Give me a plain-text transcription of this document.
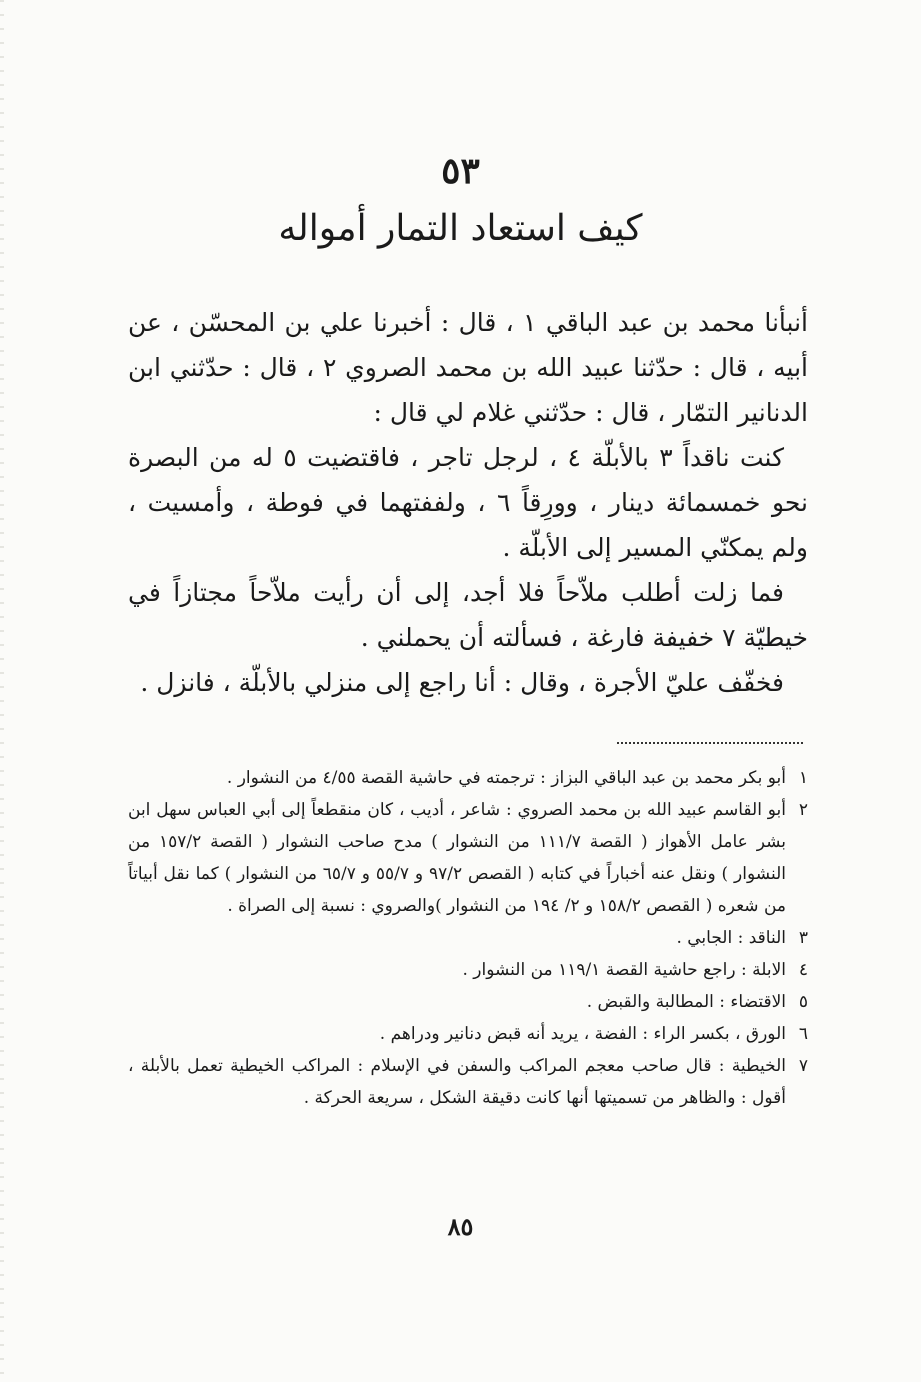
٥٣
كيف استعاد التمار أمواله

أنبأنا محمد بن عبد الباقي ١ ، قال : أخبرنا علي بن المحسّن ، عن أبيه ، قال : حدّثنا عبيد الله بن محمد الصروي ٢ ، قال : حدّثني ابن الدنانير التمّار ، قال : حدّثني غلام لي قال :

كنت ناقداً ٣ بالأبلّة ٤ ، لرجل تاجر ، فاقتضيت ٥ له من البصرة نحو خمسمائة دينار ، وورِقاً ٦ ، ولففتهما في فوطة ، وأمسيت ، ولم يمكنّي المسير إلى الأبلّة .

فما زلت أطلب ملاّحاً فلا أجد، إلى أن رأيت ملاّحاً مجتازاً في خيطيّة ٧ خفيفة فارغة ، فسألته أن يحملني .

فخفّف عليّ الأجرة ، وقال : أنا راجع إلى منزلي بالأبلّة ، فانزل .

١
أبو بكر محمد بن عبد الباقي البزاز : ترجمته في حاشية القصة ٤/٥٥ من النشوار .
٢
أبو القاسم عبيد الله بن محمد الصروي : شاعر ، أديب ، كان منقطعاً إلى أبي العباس سهل ابن بشر عامل الأهواز ( القصة ١١١/٧ من النشوار ) مدح صاحب النشوار ( القصة ١٥٧/٢ من النشوار ) ونقل عنه أخباراً في كتابه ( القصص ٩٧/٢ و ٥٥/٧ و ٦٥/٧ من النشوار ) كما نقل أبياتاً من شعره ( القصص ١٥٨/٢ و ٢/ ١٩٤ من النشوار )والصروي : نسبة إلى الصراة .
٣
الناقد : الجابي .
٤
الابلة : راجع حاشية القصة ١١٩/١ من النشوار .
٥
الاقتضاء : المطالبة والقبض .
٦
الورق ، بكسر الراء : الفضة ، يريد أنه قبض دنانير ودراهم .
٧
الخيطية : قال صاحب معجم المراكب والسفن في الإسلام : المراكب الخيطية تعمل بالأبلة ، أقول : والظاهر من تسميتها أنها كانت دقيقة الشكل ، سريعة الحركة .
٨٥
